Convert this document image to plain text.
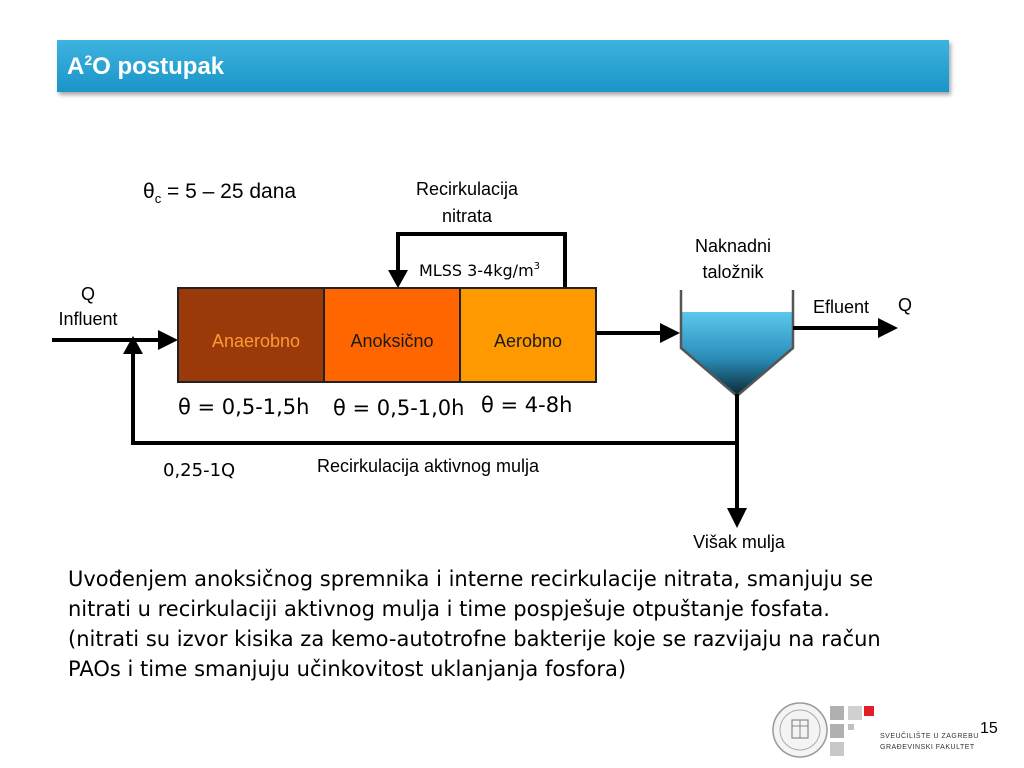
$A^2O$ postupak
$\theta_c = 5 - 25$ dana	Recirkulacija
nitrata
MLSS $3-4kg/m^3$
Q
Influent
Anaerobno	Anoksično	Aerobno
θ = 0,5-1,5h θ = 0,5-1,0h θ = 4-8h
Naknadni
taložnik
Efluent Q
Recirkulacija aktivnog mulja
0,25-1Q
Višak mulja

Uvođenjem anoksičnog spremnika i interne recirkulacije nitrata, smanjuju se nitrati u recirkulaciji aktivnog mulja i time pospješuje otpuštanje fosfata.

(nitrati su izvor kisika za kemo-autotrofne bakterije koje se razvijaju na račun PAOs i time smanjuju učinkovitost uklanjanja fosfora)

SVEUČILIŠTE U ZAGREBU
GRAĐEVINSKI FAKULTET
15
